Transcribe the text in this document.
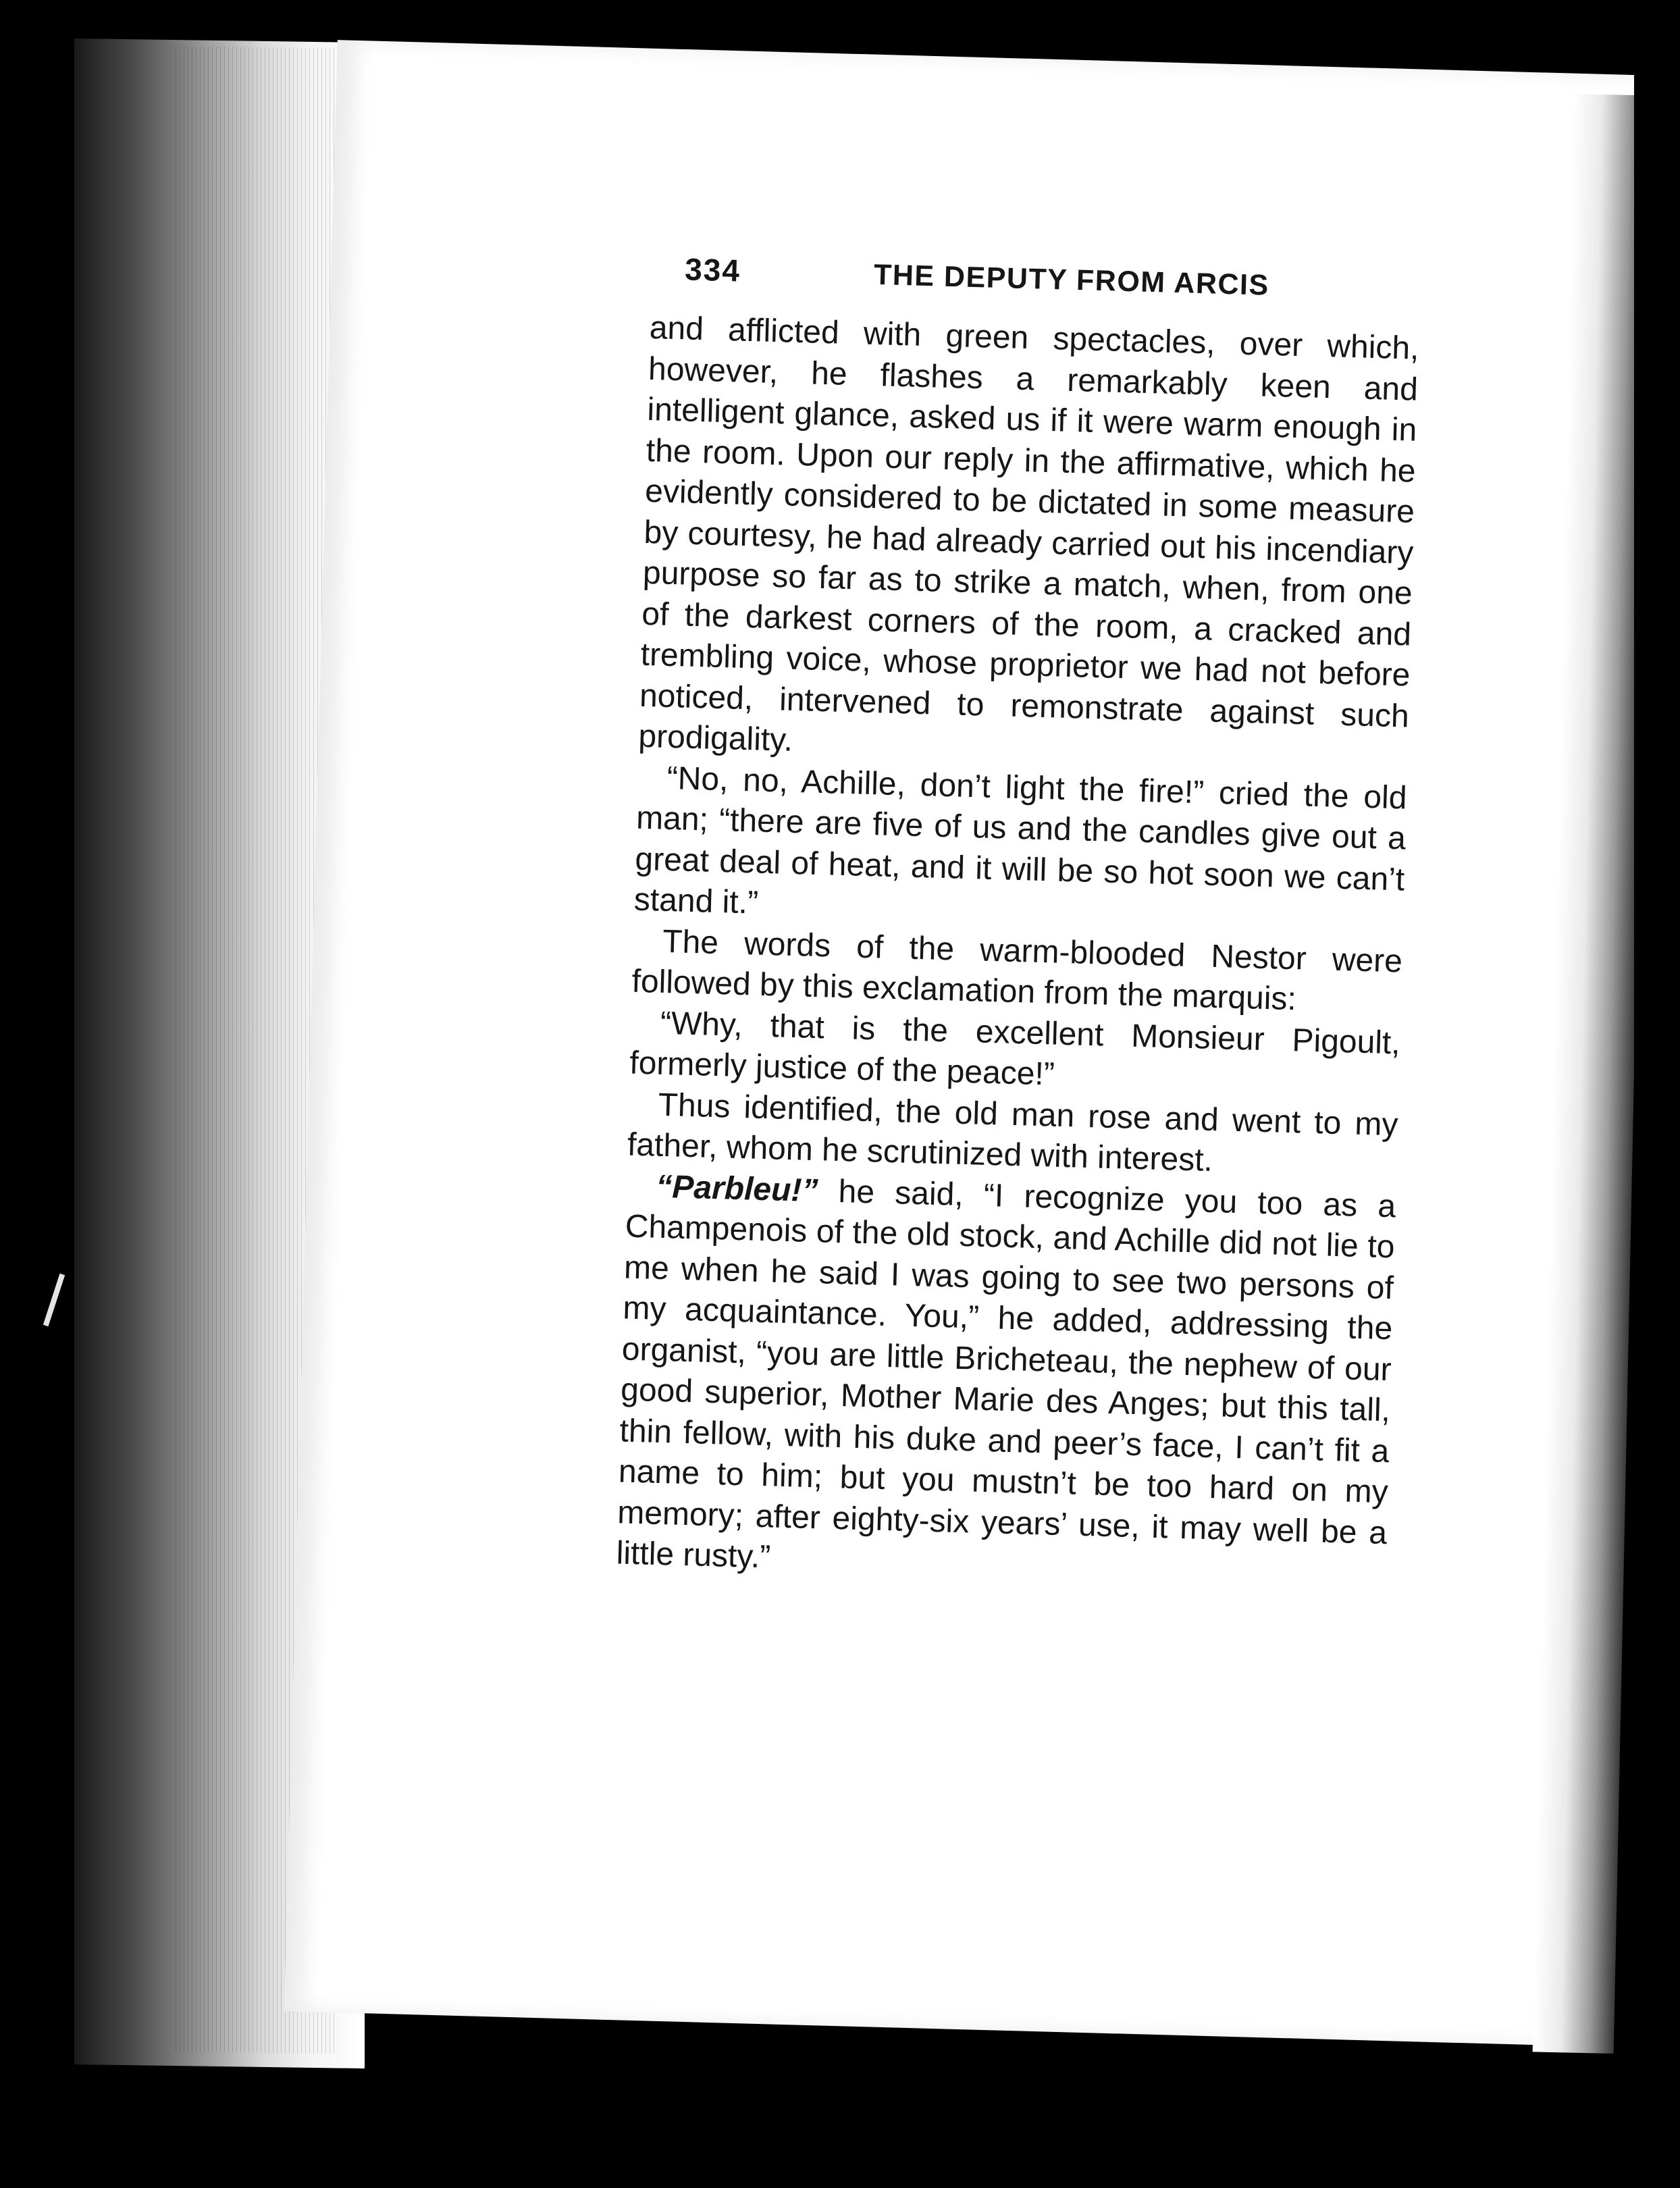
334	THE DEPUTY FROM ARCIS

and afflicted with green spectacles, over which, however, he flashes a remarkably keen and intelligent glance, asked us if it were warm enough in the room. Upon our reply in the affirmative, which he evidently considered to be dictated in some measure by courtesy, he had already carried out his incendiary purpose so far as to strike a match, when, from one of the darkest corners of the room, a cracked and trembling voice, whose proprietor we had not before noticed, intervened to remonstrate against such prodigality.

“No, no, Achille, don’t light the fire!” cried the old man; “there are five of us and the candles give out a great deal of heat, and it will be so hot soon we can’t stand it.”

The words of the warm-blooded Nestor were followed by this exclamation from the marquis:

“Why, that is the excellent Monsieur Pigoult, formerly justice of the peace!”

Thus identified, the old man rose and went to my father, whom he scrutinized with interest.

“Parbleu!” he said, “I recognize you too as a Champenois of the old stock, and Achille did not lie to me when he said I was going to see two persons of my acquaintance. You,” he added, addressing the organist, “you are little Bricheteau, the nephew of our good superior, Mother Marie des Anges; but this tall, thin fellow, with his duke and peer’s face, I can’t fit a name to him; but you mustn’t be too hard on my memory; after eighty-six years’ use, it may well be a little rusty.”
